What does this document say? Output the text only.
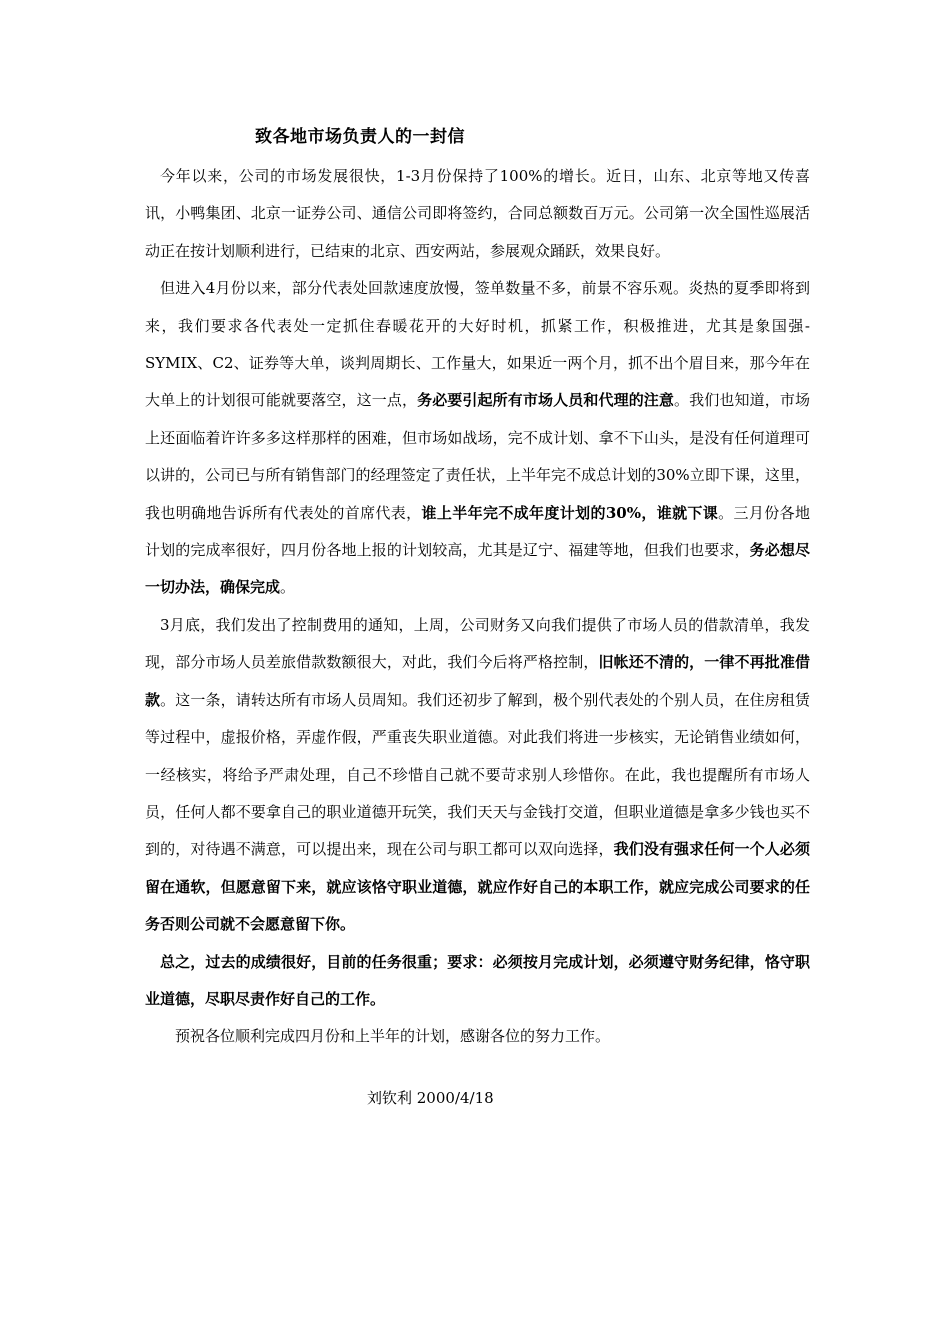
致各地市场负责人的一封信

今年以来，公司的市场发展很快，1-3月份保持了100%的增长。近日，山东、北京等地又传喜讯，小鸭集团、北京一证券公司、通信公司即将签约，合同总额数百万元。公司第一次全国性巡展活动正在按计划顺利进行，已结束的北京、西安两站，参展观众踊跃，效果良好。

但进入4月份以来，部分代表处回款速度放慢，签单数量不多，前景不容乐观。炎热的夏季即将到来，我们要求各代表处一定抓住春暖花开的大好时机，抓紧工作，积极推进，尤其是象国强-SYMIX、C2、证券等大单，谈判周期长、工作量大，如果近一两个月，抓不出个眉目来，那今年在大单上的计划很可能就要落空，这一点，务必要引起所有市场人员和代理的注意。我们也知道，市场上还面临着许许多多这样那样的困难，但市场如战场，完不成计划、拿不下山头，是没有任何道理可以讲的，公司已与所有销售部门的经理签定了责任状，上半年完不成总计划的30%立即下课，这里，我也明确地告诉所有代表处的首席代表，谁上半年完不成年度计划的30%，谁就下课。三月份各地计划的完成率很好，四月份各地上报的计划较高，尤其是辽宁、福建等地，但我们也要求，务必想尽一切办法，确保完成。

3月底，我们发出了控制费用的通知，上周，公司财务又向我们提供了市场人员的借款清单，我发现，部分市场人员差旅借款数额很大，对此，我们今后将严格控制，旧帐还不清的，一律不再批准借款。这一条，请转达所有市场人员周知。我们还初步了解到，极个别代表处的个别人员，在住房租赁等过程中，虚报价格，弄虚作假，严重丧失职业道德。对此我们将进一步核实，无论销售业绩如何，一经核实，将给予严肃处理，自己不珍惜自己就不要苛求别人珍惜你。在此，我也提醒所有市场人员，任何人都不要拿自己的职业道德开玩笑，我们天天与金钱打交道，但职业道德是拿多少钱也买不到的，对待遇不满意，可以提出来，现在公司与职工都可以双向选择，我们没有强求任何一个人必须留在通软，但愿意留下来，就应该恪守职业道德，就应作好自己的本职工作，就应完成公司要求的任务否则公司就不会愿意留下你。

总之，过去的成绩很好，目前的任务很重；要求：必须按月完成计划，必须遵守财务纪律，恪守职业道德，尽职尽责作好自己的工作。

预祝各位顺利完成四月份和上半年的计划，感谢各位的努力工作。

刘钦利 2000/4/18
